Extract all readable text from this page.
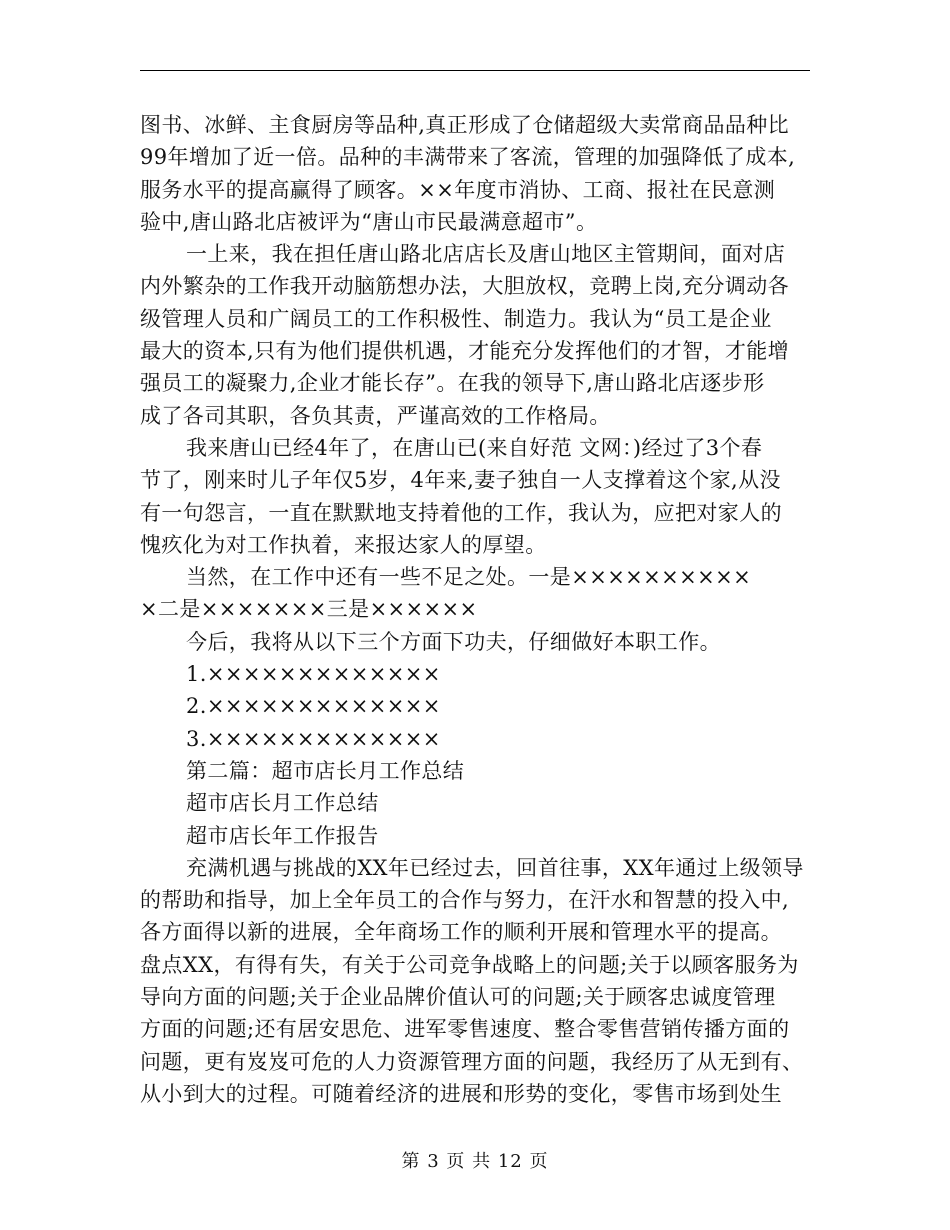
图书、冰鲜、主食厨房等品种,真正形成了仓储超级大卖常商品品种比
99年增加了近一倍。品种的丰满带来了客流，管理的加强降低了成本,
服务水平的提高赢得了顾客。××年度市消协、工商、报社在民意测
验中,唐山路北店被评为“唐山市民最满意超市”。
一上来，我在担任唐山路北店店长及唐山地区主管期间，面对店
内外繁杂的工作我开动脑筋想办法，大胆放权，竞聘上岗,充分调动各
级管理人员和广阔员工的工作积极性、制造力。我认为“员工是企业
最大的资本,只有为他们提供机遇，才能充分发挥他们的才智，才能增
强员工的凝聚力,企业才能长存”。在我的领导下,唐山路北店逐步形
成了各司其职，各负其责，严谨高效的工作格局。
我来唐山已经4年了，在唐山已(来自好范 文网：)经过了3个春
节了，刚来时儿子年仅5岁，4年来,妻子独自一人支撑着这个家,从没
有一句怨言，一直在默默地支持着他的工作，我认为，应把对家人的
愧疚化为对工作执着，来报达家人的厚望。
当然，在工作中还有一些不足之处。一是××××××××××
×二是×××××××三是××××××
今后，我将从以下三个方面下功夫，仔细做好本职工作。
1.×××××××××××××
2.×××××××××××××
3.×××××××××××××
第二篇：超市店长月工作总结
超市店长月工作总结
超市店长年工作报告
充满机遇与挑战的XX年已经过去，回首往事，XX年通过上级领导
的帮助和指导，加上全年员工的合作与努力，在汗水和智慧的投入中,
各方面得以新的进展，全年商场工作的顺利开展和管理水平的提高。
盘点XX，有得有失，有关于公司竞争战略上的问题;关于以顾客服务为
导向方面的问题;关于企业品牌价值认可的问题;关于顾客忠诚度管理
方面的问题;还有居安思危、进军零售速度、整合零售营销传播方面的
问题，更有岌岌可危的人力资源管理方面的问题，我经历了从无到有、
从小到大的过程。可随着经济的进展和形势的变化，零售市场到处生
第 3 页 共 12 页
